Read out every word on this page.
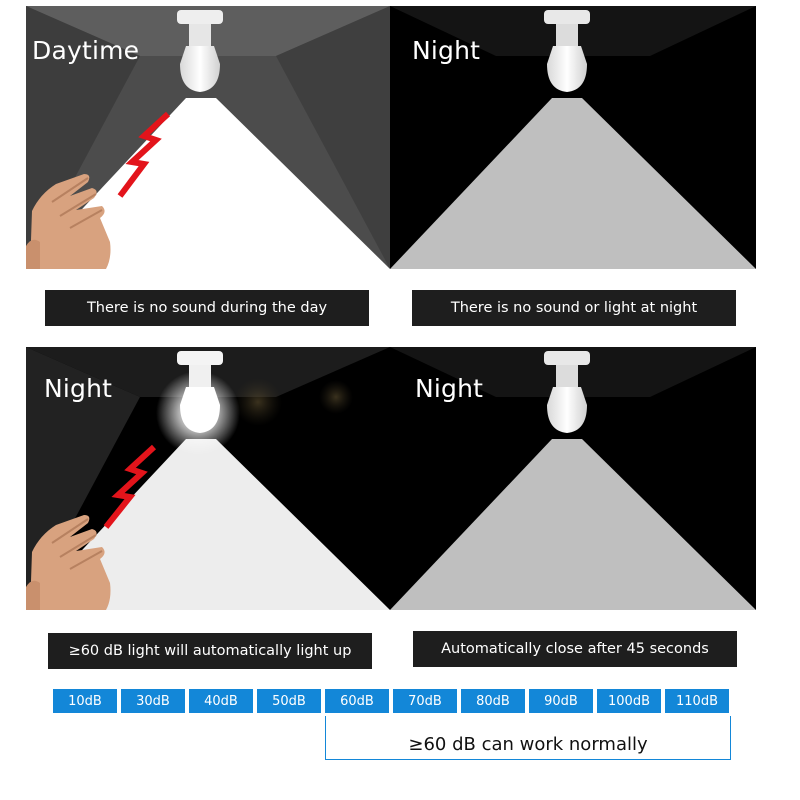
Daytime	Night
There is no sound during the day	There is no sound or light at night
Night	Night
≥60 dB light will automatically light up	Automatically close after 45 seconds
10dB	30dB	40dB	50dB	60dB	70dB	80dB	90dB	100dB	110dB
≥60 dB can work normally
